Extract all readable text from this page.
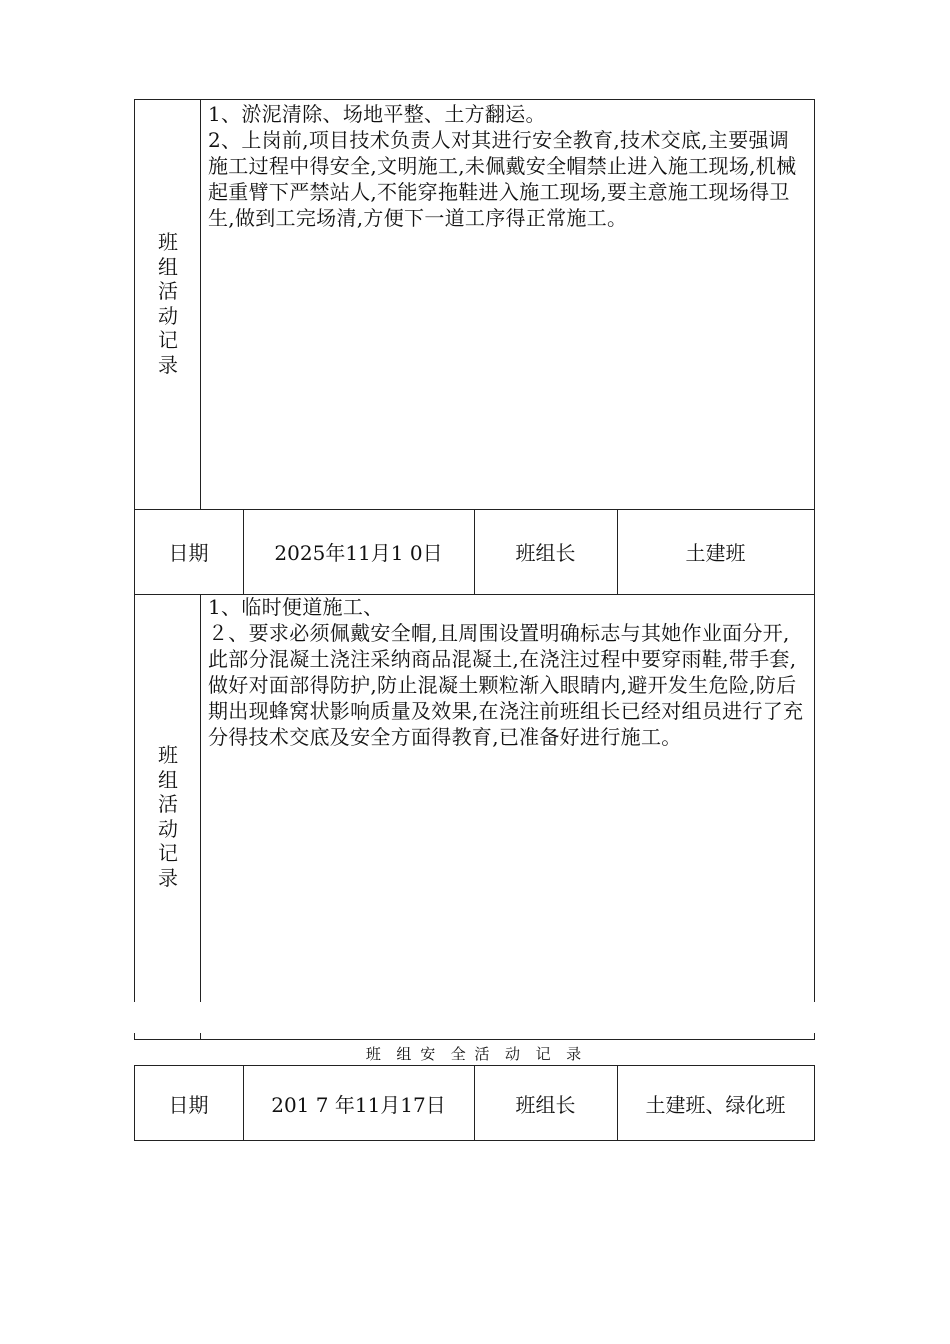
班
组
活
动
记
录

1、淤泥清除、场地平整、土方翻运。

2、上岗前,项目技术负责人对其进行安全教育,技术交底,主要强调施工过程中得安全,文明施工,未佩戴安全帽禁止进入施工现场,机械起重臂下严禁站人,不能穿拖鞋进入施工现场,要主意施工现场得卫生,做到工完场清,方便下一道工序得正常施工。

日期	2025年11月1 0日	班组长	土建班
班
组
活
动
记
录

1、临时便道施工、

２、要求必须佩戴安全帽,且周围设置明确标志与其她作业面分开,此部分混凝土浇注采纳商品混凝土,在浇注过程中要穿雨鞋,带手套,做好对面部得防护,防止混凝土颗粒渐入眼睛内,避开发生危险,防后期出现蜂窝状影响质量及效果,在浇注前班组长已经对组员进行了充分得技术交底及安全方面得教育,已准备好进行施工。

班  组 安  全 活  动  记  录
日期	201 7 年11月17日	班组长	土建班、绿化班
